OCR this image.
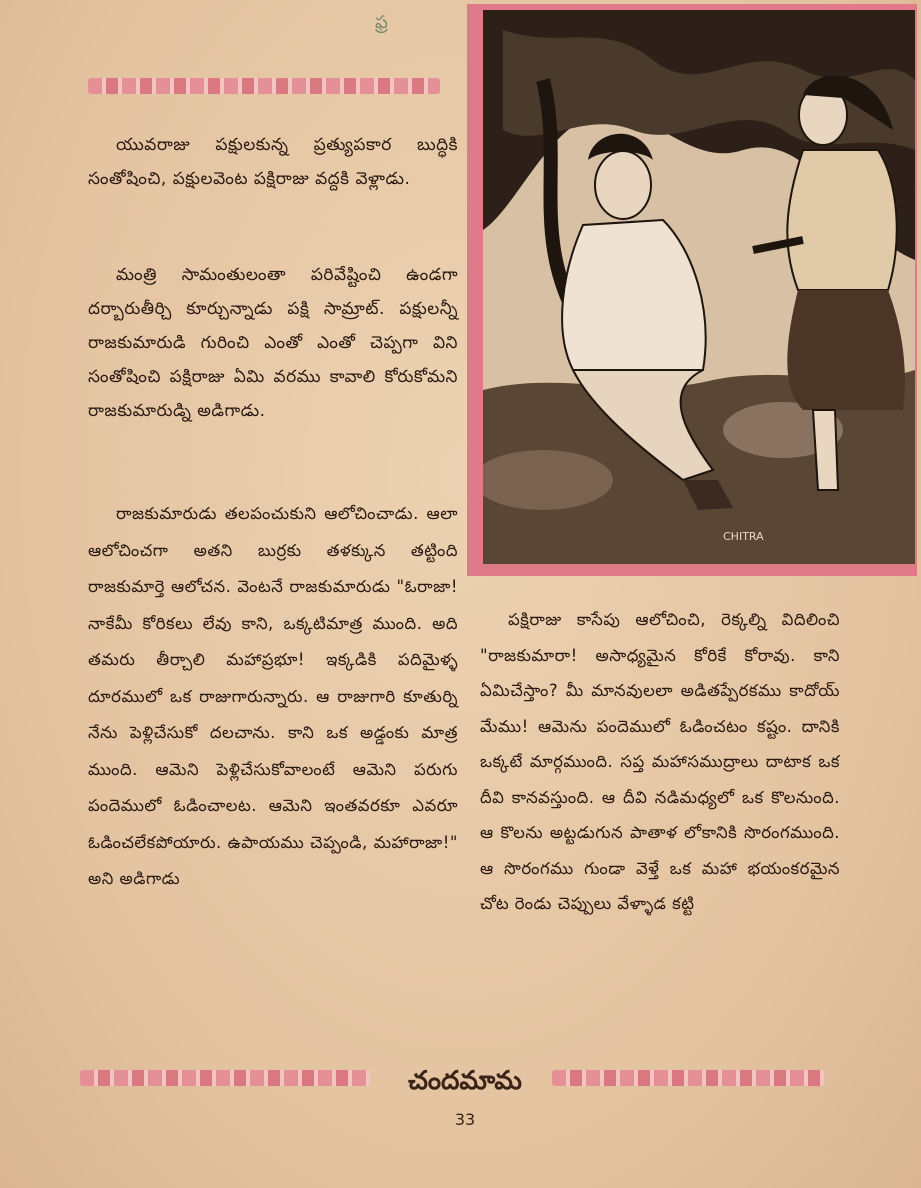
ఫ్ర

యువరాజు పక్షులకున్న ప్రత్యుపకార బుద్ధికి సంతోషించి, పక్షులవెంట పక్షిరాజు వద్దకి వెళ్లాడు.

మంత్రి సామంతులంతా పరివేష్టించి ఉండగా దర్బారుతీర్చి కూర్చున్నాడు పక్షి సామ్రాట్. పక్షులన్నీ రాజకుమారుడి గురించి ఎంతో ఎంతో చెప్పగా విని సంతోషించి పక్షిరాజు ఏమి వరము కావాలి కోరుకోమని రాజకుమారుడ్ని అడిగాడు.

రాజకుమారుడు తలపంచుకుని ఆలోచించాడు. ఆలా ఆలోచించగా అతని బుర్రకు తళక్కున తట్టింది రాజకుమార్తె ఆలోచన. వెంటనే రాజకుమారుడు "ఓరాజా! నాకేమీ కోరికలు లేవు కాని, ఒక్కటిమాత్ర ముంది. అది తమరు తీర్చాలి మహాప్రభూ! ఇక్కడికి పదిమైళ్ళ దూరములో ఒక రాజుగారున్నారు. ఆ రాజుగారి కూతుర్ని నేను పెళ్లిచేసుకో దలచాను. కాని ఒక అడ్డంకు మాత్ర ముంది. ఆమెని పెళ్లిచేసుకోవాలంటే ఆమెని పరుగు పందెములో ఓడించాలట. ఆమెని ఇంతవరకూ ఎవరూ ఓడించలేకపోయారు. ఉపాయము చెప్పండి, మహారాజా!" అని అడిగాడు

CHITRA

పక్షిరాజు కాసేపు ఆలోచించి, రెక్కల్ని విదిలించి "రాజకుమారా! అసాధ్యమైన కోరికే కోరావు. కాని ఏమిచేస్తాం? మీ మానవులలా అడితప్పేరకము కాదోయ్ మేము! ఆమెను పందెములో ఓడించటం కష్టం. దానికి ఒక్కటే మార్గముంది. సప్త మహాసముద్రాలు దాటాక ఒక దీవి కానవస్తుంది. ఆ దీవి నడిమధ్యలో ఒక కొలనుంది. ఆ కొలను అట్టడుగున పాతాళ లోకానికి సొరంగముంది. ఆ సొరంగము గుండా వెళ్తే ఒక మహా భయంకరమైన చోట రెండు చెప్పులు వేళ్ళాడ కట్టి

చందమామ
33
